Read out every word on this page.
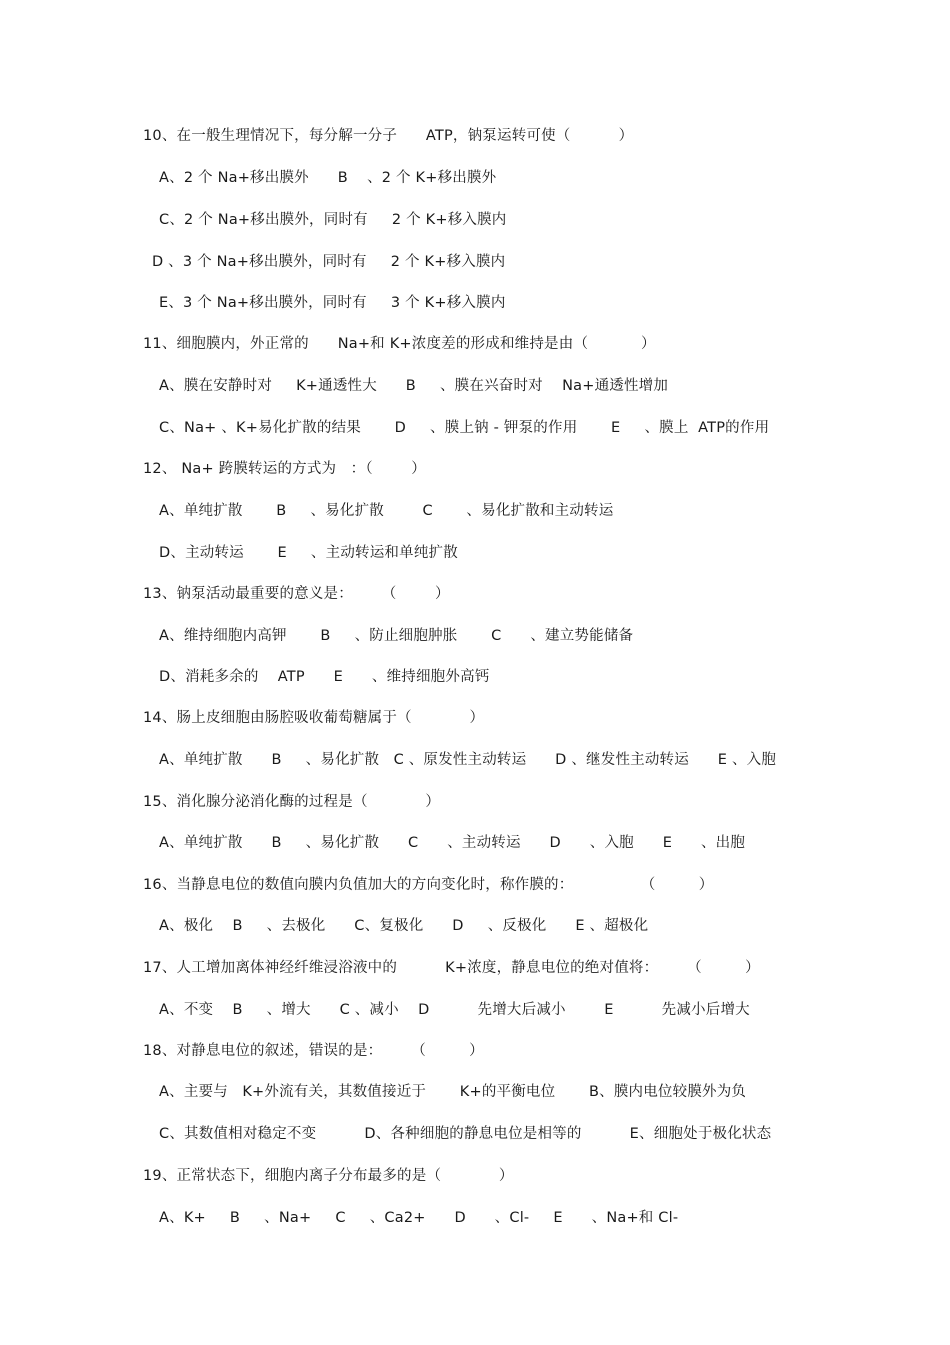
10、在一般生理情况下，每分解一分子      ATP，钠泵运转可使（          ）
A、2 个 Na+移出膜外      B    、2 个 K+移出膜外
C、2 个 Na+移出膜外，同时有     2 个 K+移入膜内
D 、3 个 Na+移出膜外，同时有     2 个 K+移入膜内
E、3 个 Na+移出膜外，同时有     3 个 K+移入膜内
11、细胞膜内，外正常的      Na+和 K+浓度差的形成和维持是由（           ）
A、膜在安静时对     K+通透性大      B     、膜在兴奋时对    Na+通透性增加
C、Na+ 、K+易化扩散的结果       D     、膜上钠 - 钾泵的作用       E     、膜上  ATP的作用
12、 Na+ 跨膜转运的方式为   ：（        ）
A、单纯扩散       B     、易化扩散        C       、易化扩散和主动转运
D、主动转运       E     、主动转运和单纯扩散
13、钠泵活动最重要的意义是：      （        ）
A、维持细胞内高钾       B     、防止细胞肿胀       C      、建立势能储备
D、消耗多余的    ATP      E      、维持细胞外高钙
14、肠上皮细胞由肠腔吸收葡萄糖属于（            ）
A、单纯扩散      B     、易化扩散   C 、原发性主动转运      D 、继发性主动转运      E 、入胞
15、消化腺分泌消化酶的过程是（            ）
A、单纯扩散      B     、易化扩散      C      、主动转运      D      、入胞      E      、出胞
16、当静息电位的数值向膜内负值加大的方向变化时，称作膜的：              （         ）
A、极化    B     、去极化      C、复极化      D     、反极化      E 、超极化
17、人工增加离体神经纤维浸浴液中的          K+浓度，静息电位的绝对值将：      （         ）
A、不变    B     、增大      C 、减小    D          先增大后减小        E          先减小后增大
18、对静息电位的叙述，错误的是：      （         ）
A、主要与   K+外流有关，其数值接近于       K+的平衡电位       B、膜内电位较膜外为负
C、其数值相对稳定不变          D、各种细胞的静息电位是相等的          E、细胞处于极化状态
19、正常状态下，细胞内离子分布最多的是（            ）
A、K+     B     、Na+     C     、Ca2+      D      、Cl-     E      、Na+和 Cl-
